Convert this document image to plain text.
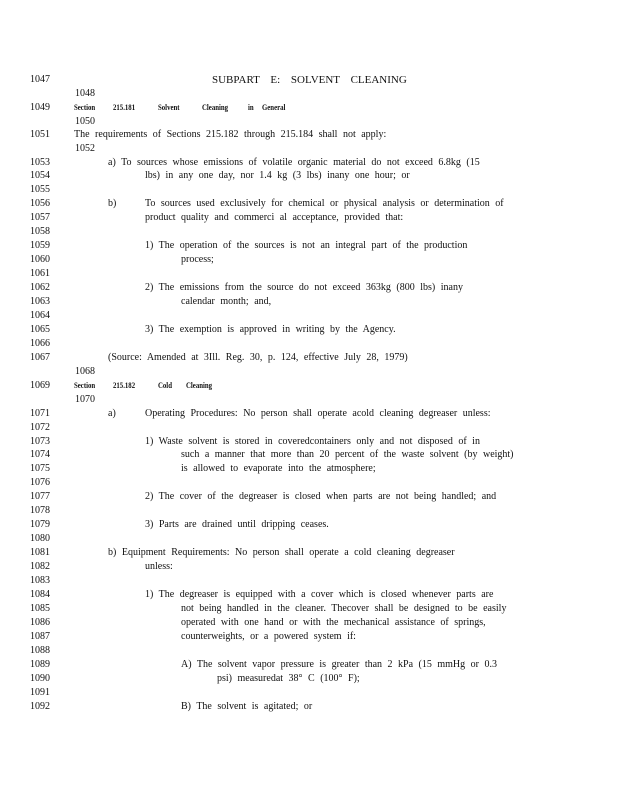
SUBPART E: SOLVENT CLEANING
1047
1048
1049	Section 215.181	Solvent	Cleaning in General
1050
1051 The requirements of Sections 215.182 through 215.184 shall not apply:
1052
1053	a) To sources whose emissions of volatile organic material do not exceed 6.8kg (15
1054	lbs) in any one day, nor 1.4 kg (3 lbs) inany one hour; or
1055
1056	b)	To sources used exclusively for chemical or physical analysis or determination of
1057	product quality and commerci al acceptance, provided that:
1058
1059	1) The operation of the sources is not an integral part of the production
1060	process;
1061
1062	2) The emissions from the source do not exceed 363kg (800 lbs) inany
1063	calendar month; and,
1064
1065	3) The exemption is approved in writing by the Agency.
1066
1067	(Source: Amended at 3Ill. Reg. 30, p. 124, effective July 28, 1979)
1068
1069	Section 215.182	Cold Cleaning
1070
1071	a)	Operating Procedures: No person shall operate acold cleaning degreaser unless:
1072
1073	1) Waste solvent is stored in coveredcontainers only and not disposed of in
1074	such a manner that more than 20 percent of the waste solvent (by weight)
1075	is allowed to evaporate into the atmosphere;
1076
1077	2) The cover of the degreaser is closed when parts are not being handled; and
1078
1079	3) Parts are drained until dripping ceases.
1080
1081	b) Equipment Requirements: No person shall operate a cold cleaning degreaser
1082	unless:
1083
1084	1) The degreaser is equipped with a cover which is closed whenever parts are
1085	not being handled in the cleaner. Thecover shall be designed to be easily
1086	operated with one hand or with the mechanical assistance of springs,
1087	counterweights, or a powered system if:
1088
1089	A) The solvent vapor pressure is greater than 2 kPa (15 mmHg or 0.3
1090	psi) measuredat 38° C (100° F);
1091
1092	B) The solvent is agitated; or
